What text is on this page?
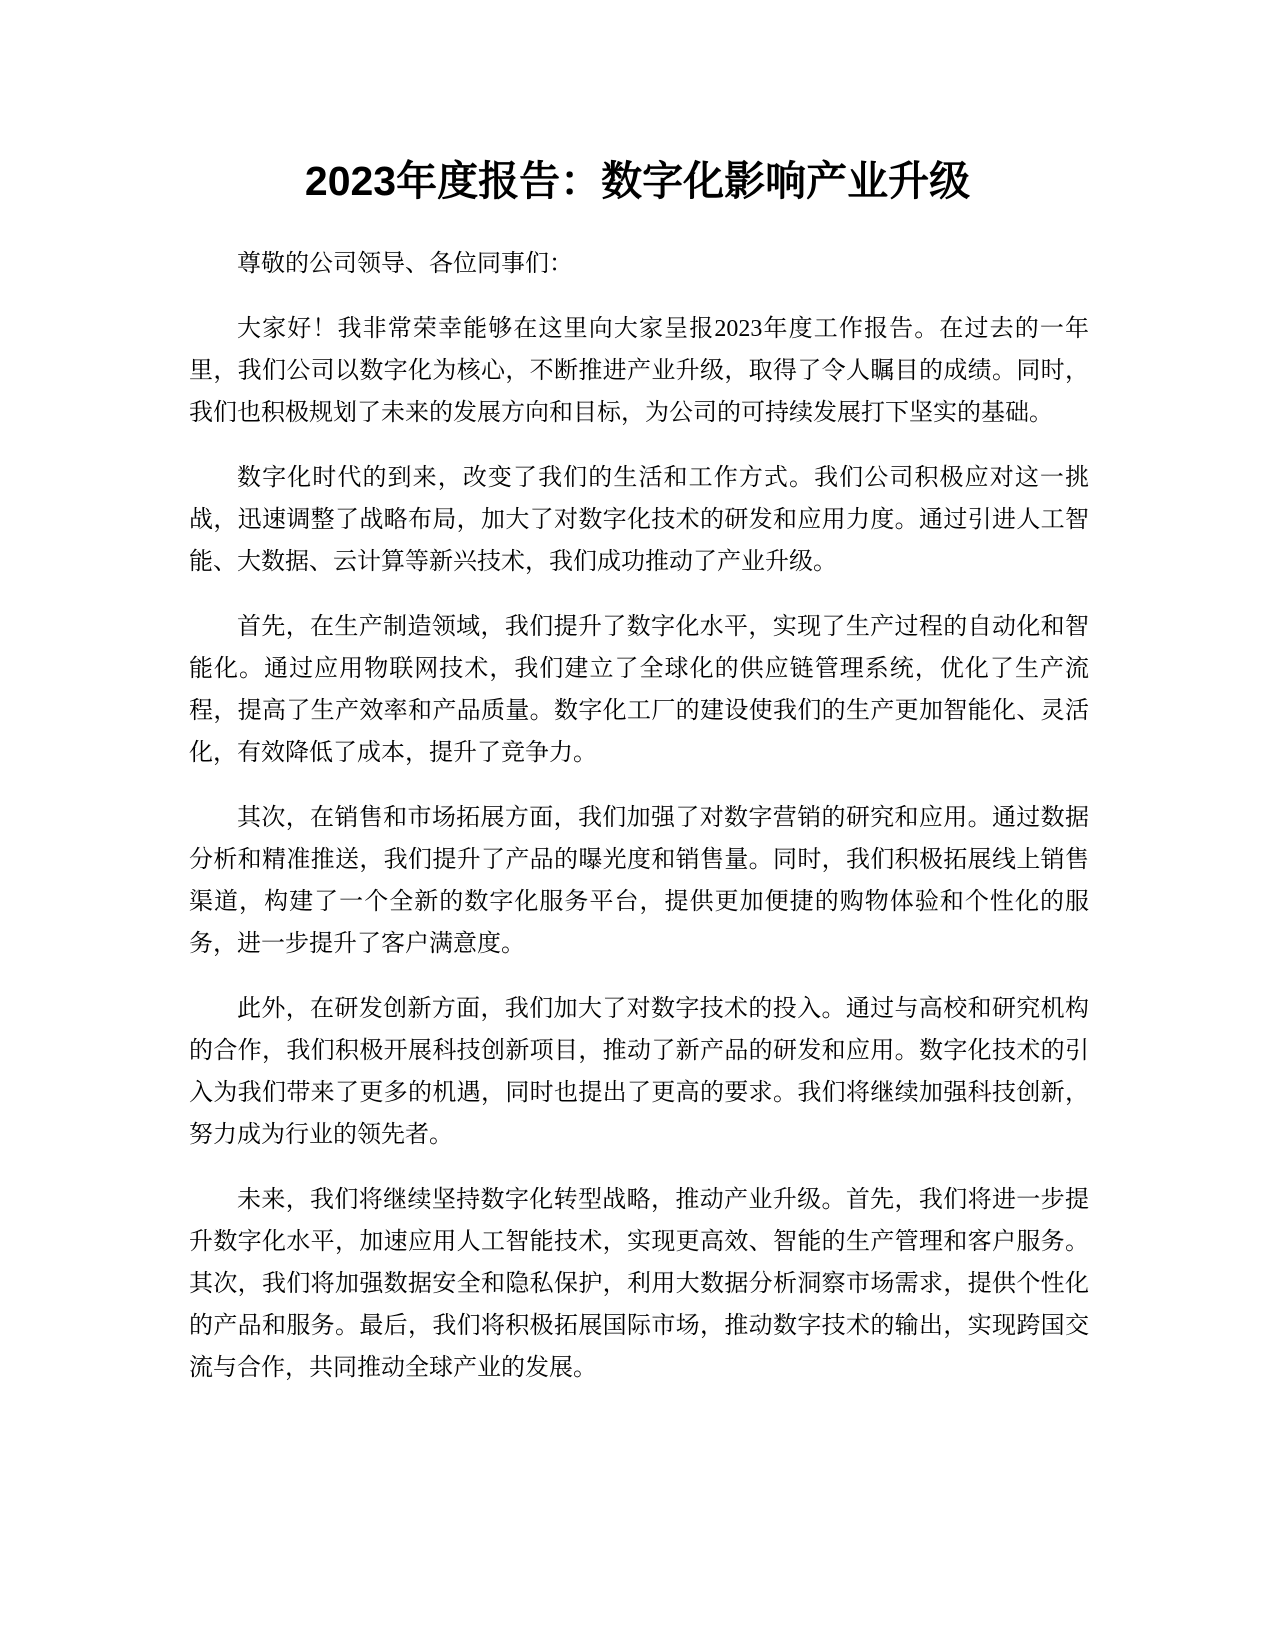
2023年度报告：数字化影响产业升级

尊敬的公司领导、各位同事们：

大家好！我非常荣幸能够在这里向大家呈报2023年度工作报告。在过去的一年里，我们公司以数字化为核心，不断推进产业升级，取得了令人瞩目的成绩。同时，我们也积极规划了未来的发展方向和目标，为公司的可持续发展打下坚实的基础。

数字化时代的到来，改变了我们的生活和工作方式。我们公司积极应对这一挑战，迅速调整了战略布局，加大了对数字化技术的研发和应用力度。通过引进人工智能、大数据、云计算等新兴技术，我们成功推动了产业升级。

首先，在生产制造领域，我们提升了数字化水平，实现了生产过程的自动化和智能化。通过应用物联网技术，我们建立了全球化的供应链管理系统，优化了生产流程，提高了生产效率和产品质量。数字化工厂的建设使我们的生产更加智能化、灵活化，有效降低了成本，提升了竞争力。

其次，在销售和市场拓展方面，我们加强了对数字营销的研究和应用。通过数据分析和精准推送，我们提升了产品的曝光度和销售量。同时，我们积极拓展线上销售渠道，构建了一个全新的数字化服务平台，提供更加便捷的购物体验和个性化的服务，进一步提升了客户满意度。

此外，在研发创新方面，我们加大了对数字技术的投入。通过与高校和研究机构的合作，我们积极开展科技创新项目，推动了新产品的研发和应用。数字化技术的引入为我们带来了更多的机遇，同时也提出了更高的要求。我们将继续加强科技创新，努力成为行业的领先者。

未来，我们将继续坚持数字化转型战略，推动产业升级。首先，我们将进一步提升数字化水平，加速应用人工智能技术，实现更高效、智能的生产管理和客户服务。其次，我们将加强数据安全和隐私保护，利用大数据分析洞察市场需求，提供个性化的产品和服务。最后，我们将积极拓展国际市场，推动数字技术的输出，实现跨国交流与合作，共同推动全球产业的发展。
